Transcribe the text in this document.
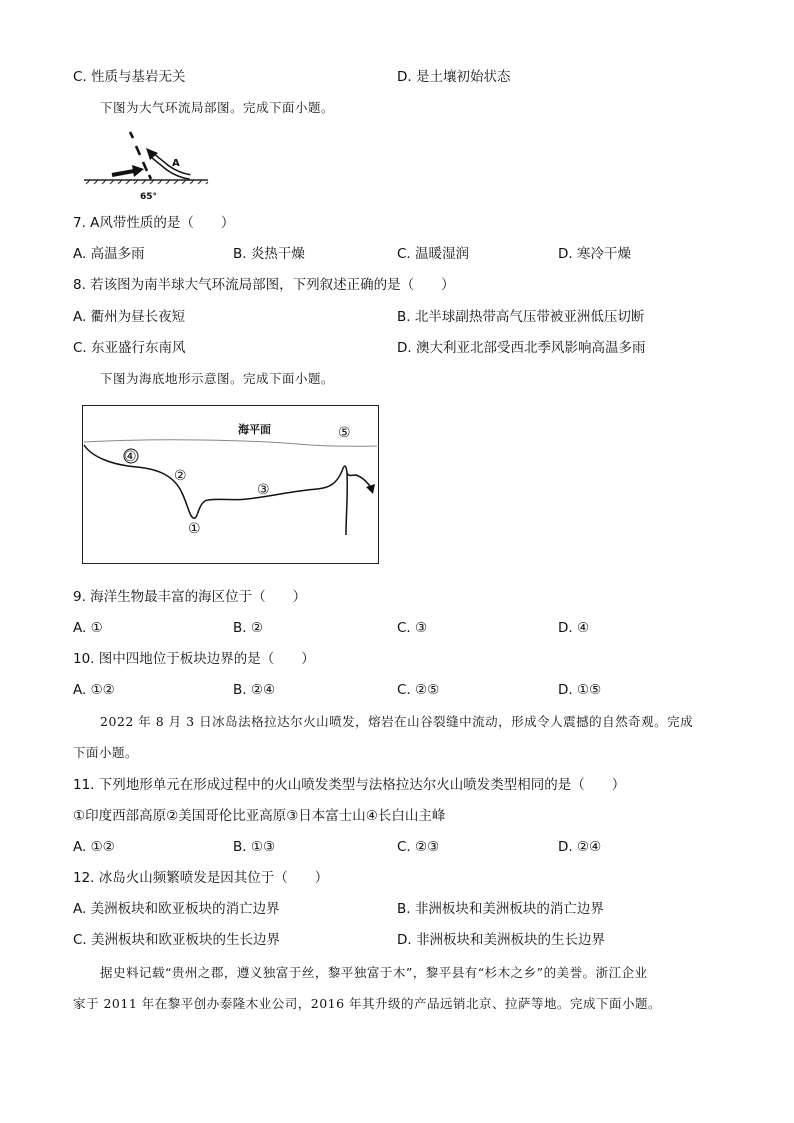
C. 性质与基岩无关	D. 是土壤初始状态
下图为大气环流局部图。完成下面小题。
A
65°
7. A风带性质的是（　　）
A. 高温多雨	B. 炎热干燥	C. 温暖湿润	D. 寒冷干燥
8. 若该图为南半球大气环流局部图，下列叙述正确的是（　　）
A. 衢州为昼长夜短	B. 北半球副热带高气压带被亚洲低压切断
C. 东亚盛行东南风	D. 澳大利亚北部受西北季风影响高温多雨
下图为海底地形示意图。完成下面小题。
海平面
④
②
③
①
⑤
9. 海洋生物最丰富的海区位于（　　）
A. ①	B. ②	C. ③	D. ④
10. 图中四地位于板块边界的是（　　）
A. ①②	B. ②④	C. ②⑤	D. ①⑤
2022 年 8 月 3 日冰岛法格拉达尔火山喷发，熔岩在山谷裂缝中流动，形成令人震撼的自然奇观。完成
下面小题。
11. 下列地形单元在形成过程中的火山喷发类型与法格拉达尔火山喷发类型相同的是（　　）
①印度西部高原②美国哥伦比亚高原③日本富士山④长白山主峰
A. ①②	B. ①③	C. ②③	D. ②④
12. 冰岛火山频繁喷发是因其位于（　　）
A. 美洲板块和欧亚板块的消亡边界	B. 非洲板块和美洲板块的消亡边界
C. 美洲板块和欧亚板块的生长边界	D. 非洲板块和美洲板块的生长边界
据史料记载“贵州之郡，遵义独富于丝，黎平独富于木”，黎平县有“杉木之乡”的美誉。浙江企业
家于 2011 年在黎平创办泰隆木业公司，2016 年其升级的产品远销北京、拉萨等地。完成下面小题。
